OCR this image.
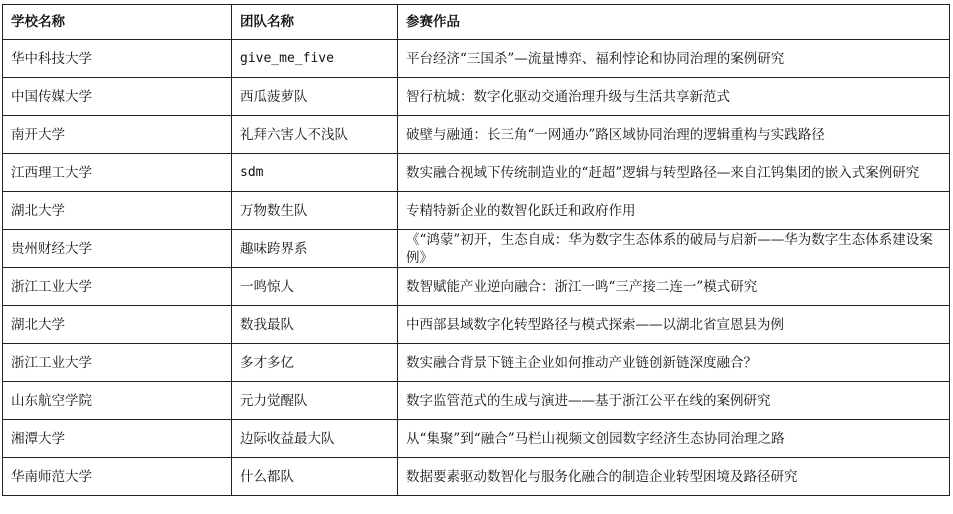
学校名称	团队名称	参赛作品
华中科技大学	give_me_five	平台经济“三国杀”—流量博弈、福利悖论和协同治理的案例研究
中国传媒大学	西瓜菠萝队	智行杭城：数字化驱动交通治理升级与生活共享新范式
南开大学	礼拜六害人不浅队	破壁与融通：长三角“一网通办”路区域协同治理的逻辑重构与实践路径
江西理工大学	sdm	数实融合视域下传统制造业的“赶超”逻辑与转型路径—来自江钨集团的嵌入式案例研究
湖北大学	万物数生队	专精特新企业的数智化跃迁和政府作用
贵州财经大学	趣味跨界系	《“鸿蒙”初开，生态自成：华为数字生态体系的破局与启新——华为数字生态体系建设案例》
浙江工业大学	一鸣惊人	数智赋能产业逆向融合：浙江一鸣“三产接二连一”模式研究
湖北大学	数我最队	中西部县域数字化转型路径与模式探索——以湖北省宣恩县为例
浙江工业大学	多才多亿	数实融合背景下链主企业如何推动产业链创新链深度融合？
山东航空学院	元力觉醒队	数字监管范式的生成与演进——基于浙江公平在线的案例研究
湘潭大学	边际收益最大队	从“集聚”到“融合”马栏山视频文创园数字经济生态协同治理之路
华南师范大学	什么都队	数据要素驱动数智化与服务化融合的制造企业转型困境及路径研究
